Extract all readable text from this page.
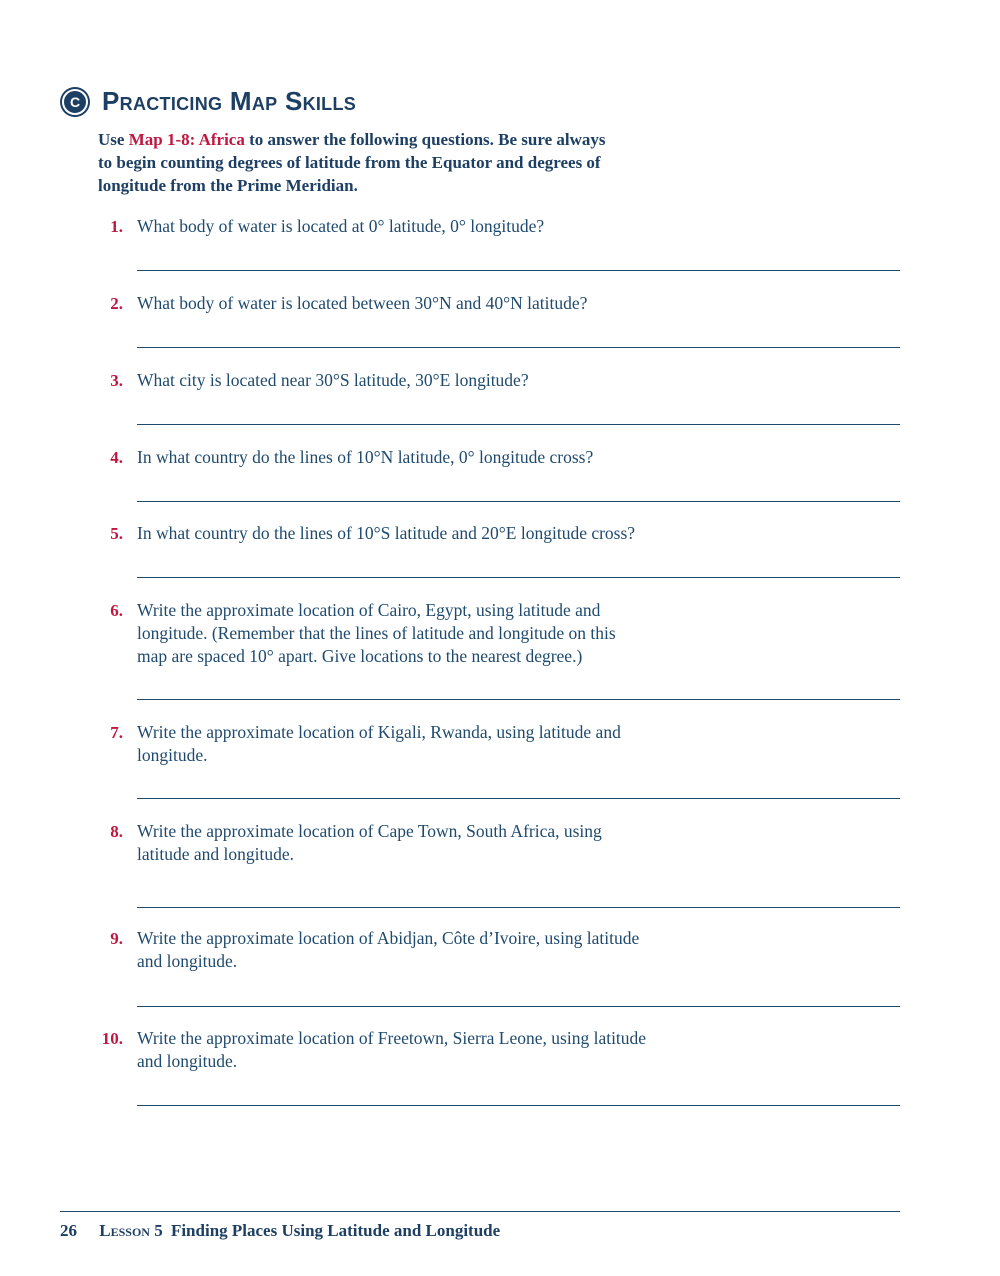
C Practicing Map Skills
Use Map 1-8: Africa to answer the following questions. Be sure always
to begin counting degrees of latitude from the Equator and degrees of
longitude from the Prime Meridian.
1. What body of water is located at 0° latitude, 0° longitude?
2. What body of water is located between 30°N and 40°N latitude?
3. What city is located near 30°S latitude, 30°E longitude?
4. In what country do the lines of 10°N latitude, 0° longitude cross?
5. In what country do the lines of 10°S latitude and 20°E longitude cross?
6. Write the approximate location of Cairo, Egypt, using latitude and
longitude. (Remember that the lines of latitude and longitude on this
map are spaced 10° apart. Give locations to the nearest degree.)
7. Write the approximate location of Kigali, Rwanda, using latitude and
longitude.
8. Write the approximate location of Cape Town, South Africa, using
latitude and longitude.
9. Write the approximate location of Abidjan, Côte d’Ivoire, using latitude
and longitude.
10. Write the approximate location of Freetown, Sierra Leone, using latitude
and longitude.
26 Lesson 5 Finding Places Using Latitude and Longitude
